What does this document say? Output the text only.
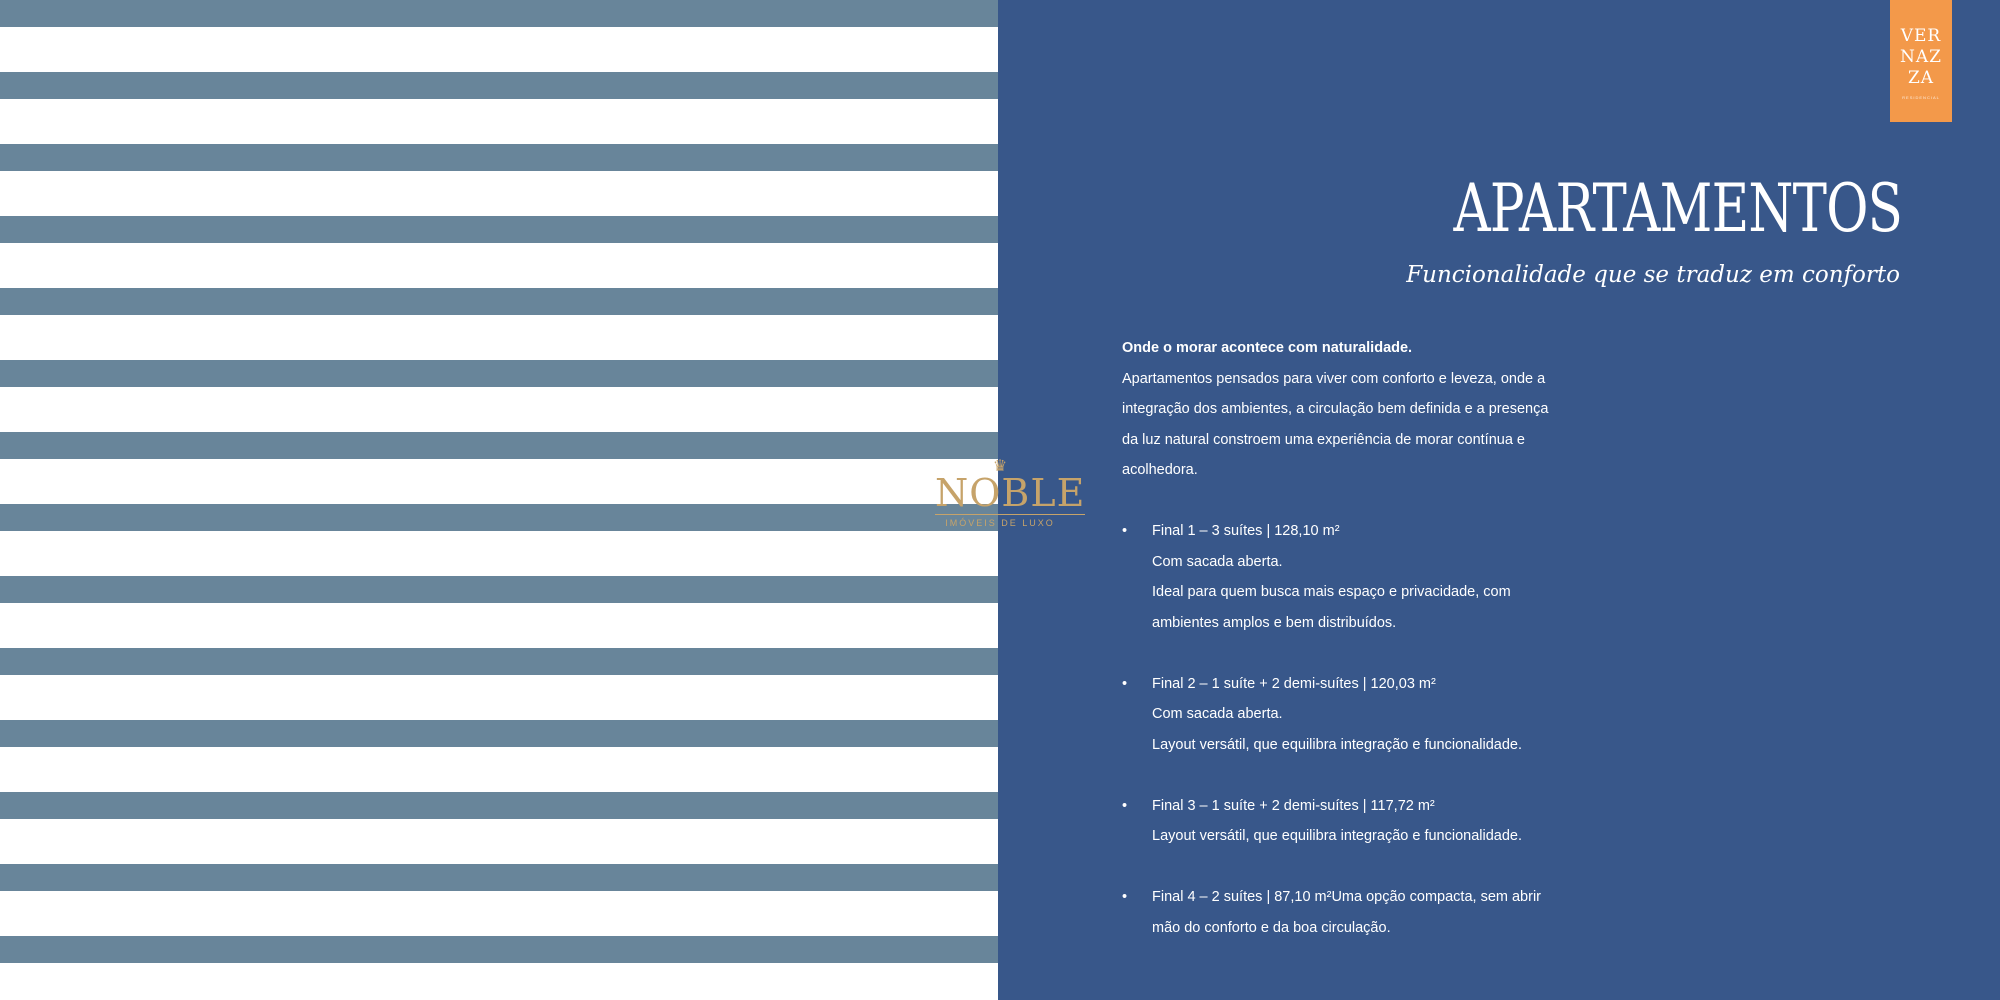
VER
NAZ
ZA
RESIDENCIAL
♛
NOBLE
IMÓVEIS DE LUXO
APARTAMENTOS
Funcionalidade que se traduz em conforto
Onde o morar acontece com naturalidade.

Apartamentos pensados para viver com conforto e leveza, onde a integração dos ambientes, a circulação bem definida e a presença da luz natural constroem uma experiência de morar contínua e acolhedora.

• Final 1 – 3 suítes | 128,10 m²

Com sacada aberta.

Ideal para quem busca mais espaço e privacidade, com ambientes amplos e bem distribuídos.

• Final 2 – 1 suíte + 2 demi-suítes | 120,03 m²

Com sacada aberta.

Layout versátil, que equilibra integração e funcionalidade.

• Final 3 – 1 suíte + 2 demi-suítes | 117,72 m²

Layout versátil, que equilibra integração e funcionalidade.

• Final 4 – 2 suítes | 87,10 m²Uma opção compacta, sem abrir mão do conforto e da boa circulação.
